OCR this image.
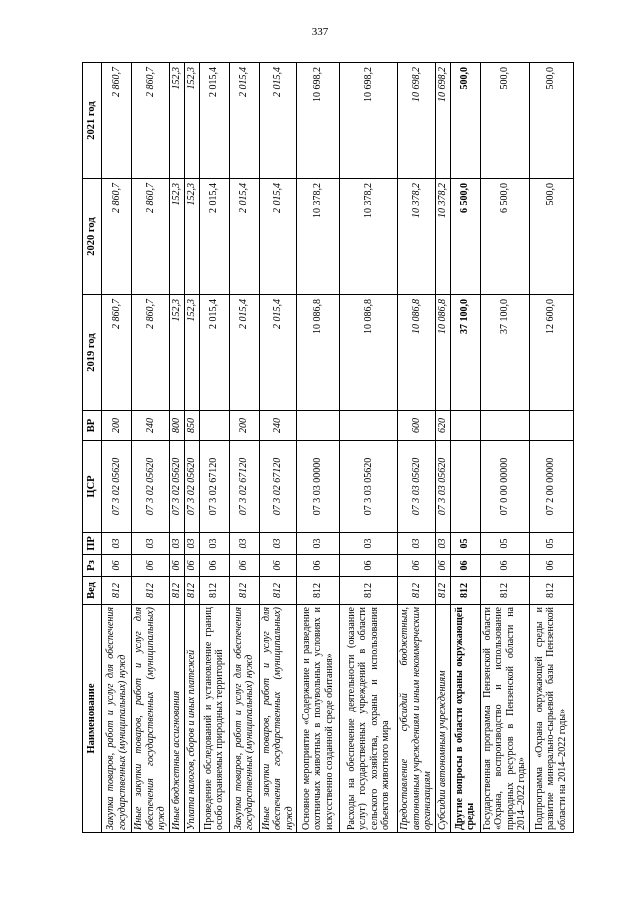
337
Наименование	Вед	Рз	ПР	ЦСР	ВР	2019 год	2020 год	2021 год
Закупка товаров, работ и услуг для обеспечения государственных (муниципальных) нужд	812	06	03	07 3 02 05620	200	2 860,7	2 860,7	2 860,7
Иные закупки товаров, работ и услуг для обеспечения государственных (муниципальных) нужд	812	06	03	07 3 02 05620	240	2 860,7	2 860,7	2 860,7
Иные бюджетные ассигнования	812	06	03	07 3 02 05620	800	152,3	152,3	152,3
Уплата налогов, сборов и иных платежей	812	06	03	07 3 02 05620	850	152,3	152,3	152,3
Проведение обследований и установление границ особо охраняемых природных территорий	812	06	03	07 3 02 67120		2 015,4	2 015,4	2 015,4
Закупка товаров, работ и услуг для обеспечения государственных (муниципальных) нужд	812	06	03	07 3 02 67120	200	2 015,4	2 015,4	2 015,4
Иные закупки товаров, работ и услуг для обеспечения государственных (муниципальных) нужд	812	06	03	07 3 02 67120	240	2 015,4	2 015,4	2 015,4
Основное мероприятие «Содержание и разведение охотничьих животных в полувольных условиях и искусственно созданной среде обитания»	812	06	03	07 3 03 00000		10 086,8	10 378,2	10 698,2
Расходы на обеспечение деятельности (оказание услуг) государственных учреждений в области сельского хозяйства, охраны и использования объектов животного мира	812	06	03	07 3 03 05620		10 086,8	10 378,2	10 698,2
Предоставление субсидий бюджетным, автономным учреждениям и иным некоммерческим организациям	812	06	03	07 3 03 05620	600	10 086,8	10 378,2	10 698,2
Субсидии автономным учреждениям	812	06	03	07 3 03 05620	620	10 086,8	10 378,2	10 698,2
Другие вопросы в области охраны окружающей среды	812	06	05			37 100,0	6 500,0	500,0
Государственная программа Пензенской области «Охрана, воспроизводство и использование природных ресурсов в Пензенской области на 2014–2022 годы»	812	06	05	07 0 00 00000		37 100,0	6 500,0	500,0
Подпрограмма «Охрана окружающей среды и развитие минерально-сырьевой базы Пензенской области на 2014–2022 годы»	812	06	05	07 2 00 00000		12 600,0	500,0	500,0
